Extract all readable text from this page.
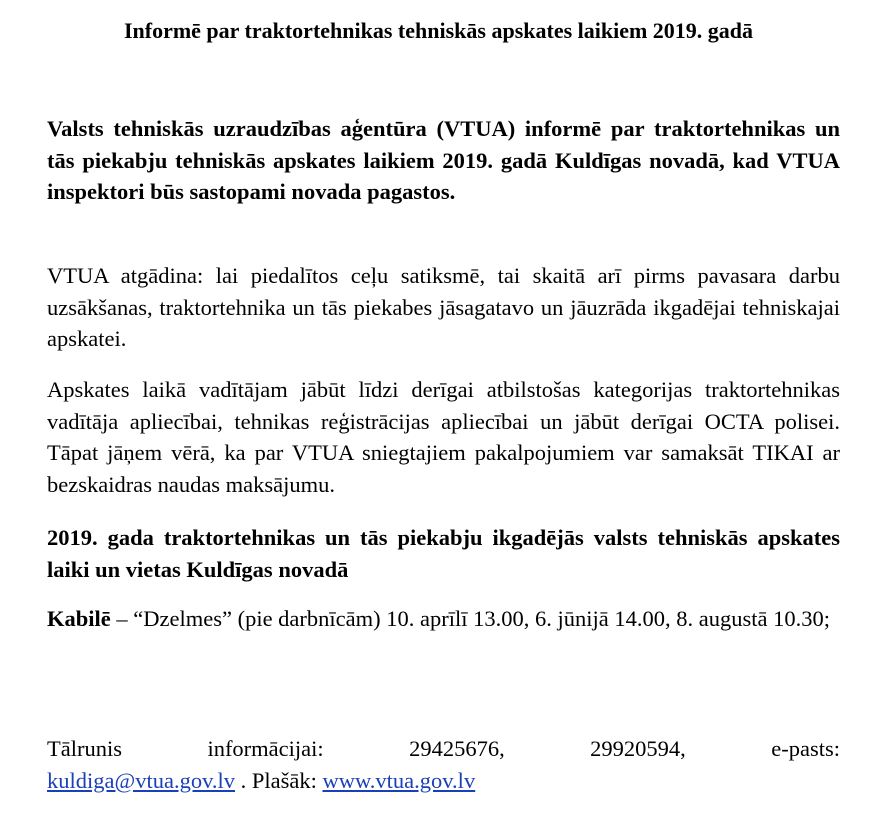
Informē par traktortehnikas tehniskās apskates laikiem 2019. gadā

Valsts tehniskās uzraudzības aģentūra (VTUA) informē par traktortehnikas un tās piekabju tehniskās apskates laikiem 2019. gadā Kuldīgas novadā, kad VTUA inspektori būs sastopami novada pagastos.

VTUA atgādina: lai piedalītos ceļu satiksmē, tai skaitā arī pirms pavasara darbu uzsākšanas, traktortehnika un tās piekabes jāsagatavo un jāuzrāda ikgadējai tehniskajai apskatei.

Apskates laikā vadītājam jābūt līdzi derīgai atbilstošas kategorijas traktortehnikas vadītāja apliecībai, tehnikas reģistrācijas apliecībai un jābūt derīgai OCTA polisei. Tāpat jāņem vērā, ka par VTUA sniegtajiem pakalpojumiem var samaksāt TIKAI ar bezskaidras naudas maksājumu.

2019. gada traktortehnikas un tās piekabju ikgadējās valsts tehniskās apskates laiki un vietas Kuldīgas novadā

Kabilē – “Dzelmes” (pie darbnīcām) 10. aprīlī 13.00, 6. jūnijā 14.00, 8. augustā 10.30;

Tālrunis	informācijai:	29425676,	29920594,	e-pasts:
kuldiga@vtua.gov.lv . Plašāk: www.vtua.gov.lv
